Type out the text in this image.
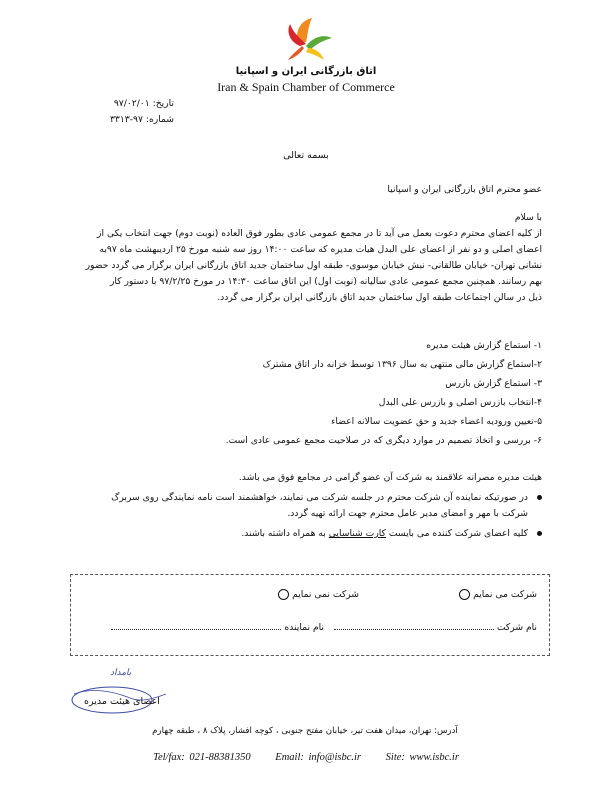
اتاق بازرگانی ایران و اسپانیا
Iran & Spain Chamber of Commerce
تاریخ: ۹۷/۰۲/۰۱
شماره: ۹۷-۳۳۱۳
بسمه تعالی
عضو محترم اتاق بازرگانی ایران و اسپانیا
با سلام

از کلیه اعضای محترم دعوت بعمل می آید تا در مجمع عمومی عادی بطور فوق العاده (نوبت دوم) جهت انتخاب یکی از

اعضای اصلی و دو نفر از اعضای علی البدل هیات مدیره که ساعت ۱۴:۰۰ روز سه شنبه مورخ ۲۵ اردیبهشت ماه ۹۷به

نشانی تهران- خیابان طالقانی- نبش خیابان موسوی- طبقه اول ساختمان جدید اتاق بازرگانی ایران برگزار می گردد حضور

بهم رسانند. همچنین مجمع عمومی عادی سالیانه (نوبت اول) این اتاق ساعت ۱۴:۳۰ در مورخ ۹۷/۲/۲۵ با دستور کار

ذیل در سالن اجتماعات طبقه اول ساختمان جدید اتاق بازرگانی ایران برگزار می گردد.

۱- استماع گزارش هیئت مدیره
۲-استماع گزارش مالی منتهی به سال ۱۳۹۶ توسط خزانه دار اتاق مشترک
۳- استماع گزارش بازرس
۴-انتخاب بازرس اصلی و بازرس علی البدل
۵-تعیین ورودیه اعضاء جدید و حق عضویت سالانه اعضاء
۶- بررسی و اتخاذ تصمیم در موارد دیگری که در صلاحیت مجمع عمومی عادی است.
هیئت مدیره مصرانه علاقمند به شرکت آن عضو گرامی در مجامع فوق می باشد.
در صورتیکه نماینده آن شرکت محترم در جلسه شرکت می نمایند، خواهشمند است نامه نمایندگی روی سربرگ
شرکت با مهر و امضای مدیر عامل محترم جهت ارائه تهیه گردد.
کلیه اعضای شرکت کننده می بایست کارت شناسایی به همراه داشته باشند.
شرکت می نمایم
شرکت نمی نمایم
نام شرکت
نام نماینده
بامداد
اعضای هیئت مدیره
آدرس: تهران، میدان هفت تیر، خیابان مفتح جنوبی ، کوچه افشار، پلاک ۸ ، طبقه چهارم
Tel/fax: 021-88381350 Email: info@isbc.ir Site: www.isbc.ir
